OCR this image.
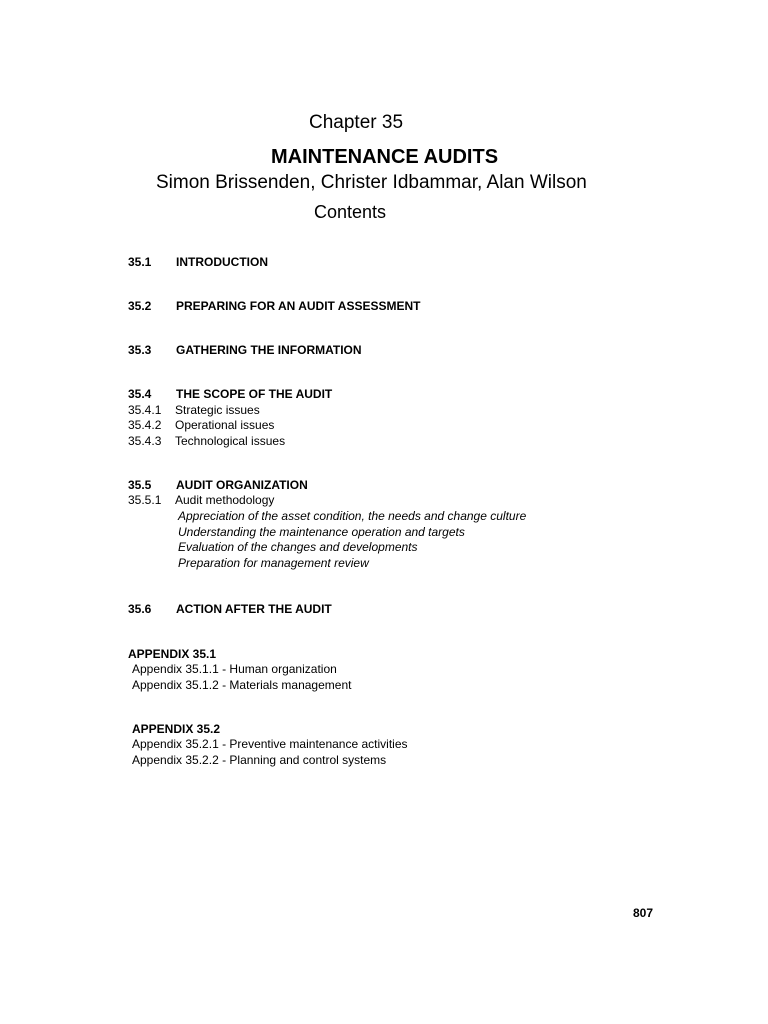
Chapter 35
MAINTENANCE AUDITS
Simon Brissenden, Christer Idbammar, Alan Wilson
Contents
35.1 INTRODUCTION
35.2 PREPARING FOR AN AUDIT ASSESSMENT
35.3 GATHERING THE INFORMATION
35.4 THE SCOPE OF THE AUDIT
35.4.1 Strategic issues
35.4.2 Operational issues
35.4.3 Technological issues
35.5 AUDIT ORGANIZATION
35.5.1 Audit methodology
Appreciation of the asset condition, the needs and change culture
Understanding the maintenance operation and targets
Evaluation of the changes and developments
Preparation for management review
35.6 ACTION AFTER THE AUDIT
APPENDIX 35.1
Appendix 35.1.1 - Human organization
Appendix 35.1.2 - Materials management
APPENDIX 35.2
Appendix 35.2.1 - Preventive maintenance activities
Appendix 35.2.2 - Planning and control systems
807
